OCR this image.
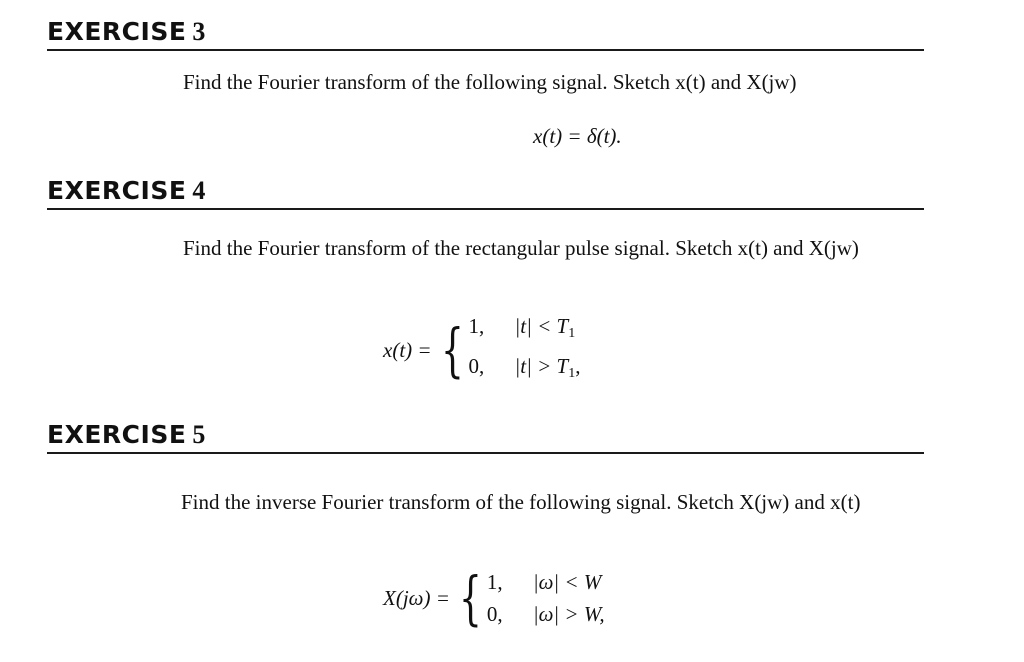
EXERCISE 3
Find the Fourier transform of the following signal. Sketch x(t) and X(jw)
x(t) = δ(t).
EXERCISE 4
Find the Fourier transform of the rectangular pulse signal. Sketch x(t) and X(jw)
x(t) = { 1,	$|t| < T_1$
0,	$|t| > T_1$,
EXERCISE 5
Find the inverse Fourier transform of the following signal. Sketch X(jw) and x(t)
X(jω) = { 1,	|ω| < W
0,	|ω| > W,
